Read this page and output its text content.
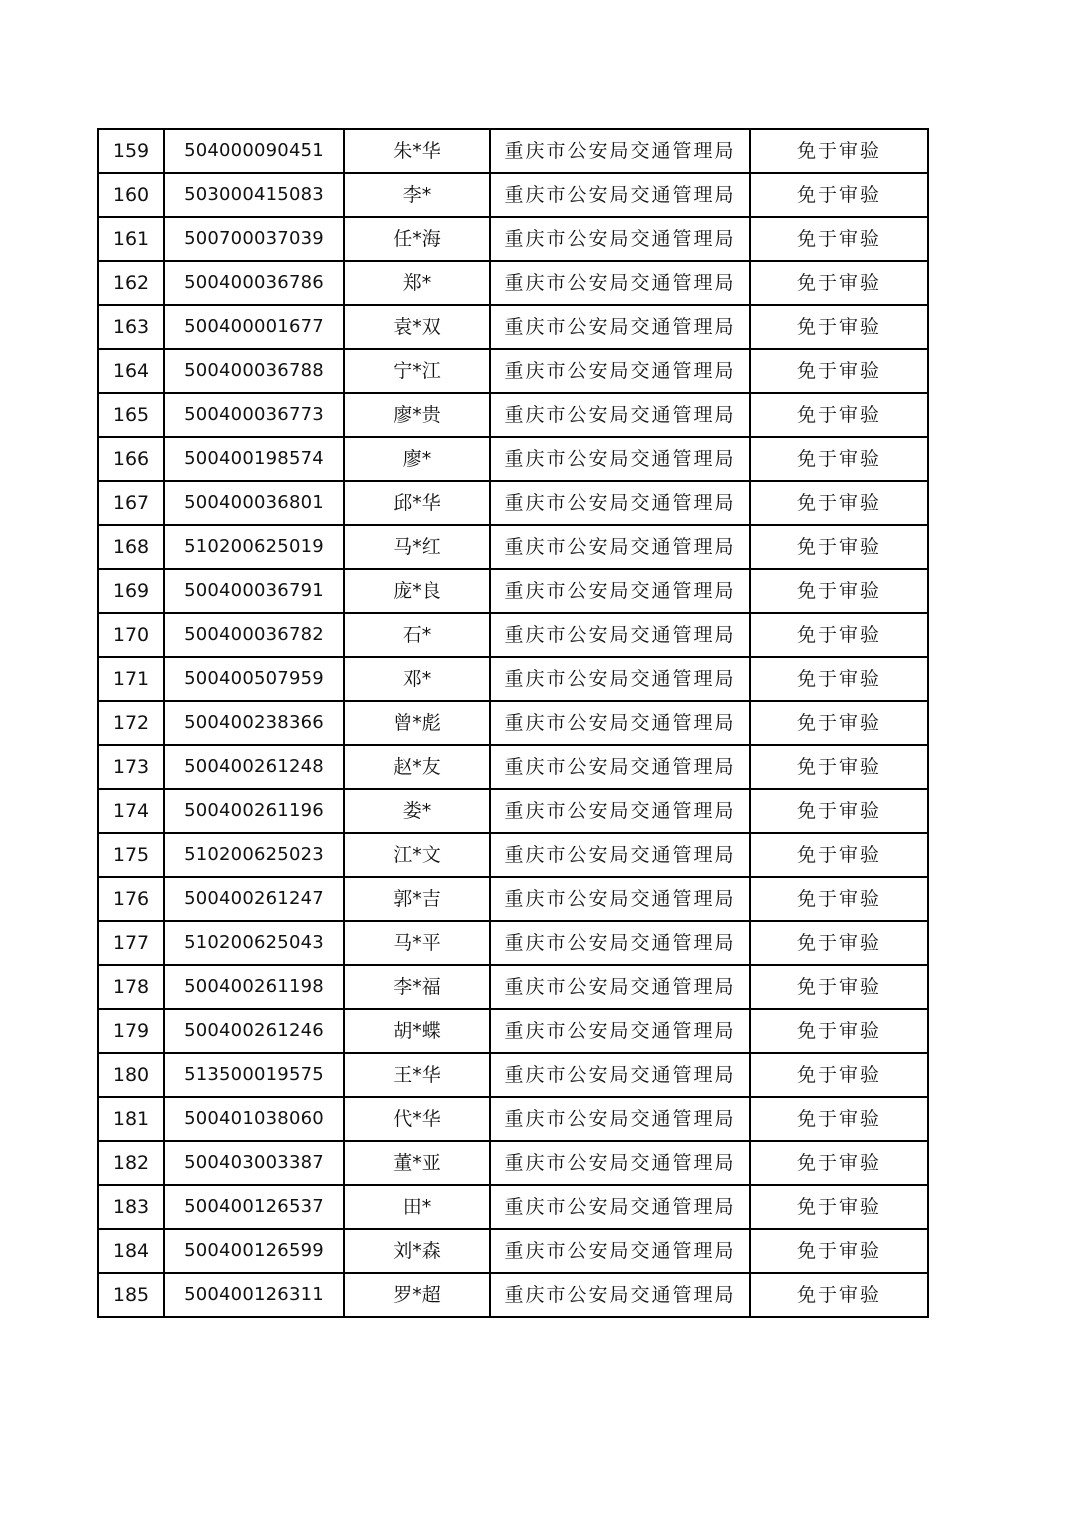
159	504000090451	朱*华	重庆市公安局交通管理局	免于审验
160	503000415083	李*	重庆市公安局交通管理局	免于审验
161	500700037039	任*海	重庆市公安局交通管理局	免于审验
162	500400036786	郑*	重庆市公安局交通管理局	免于审验
163	500400001677	袁*双	重庆市公安局交通管理局	免于审验
164	500400036788	宁*江	重庆市公安局交通管理局	免于审验
165	500400036773	廖*贵	重庆市公安局交通管理局	免于审验
166	500400198574	廖*	重庆市公安局交通管理局	免于审验
167	500400036801	邱*华	重庆市公安局交通管理局	免于审验
168	510200625019	马*红	重庆市公安局交通管理局	免于审验
169	500400036791	庞*良	重庆市公安局交通管理局	免于审验
170	500400036782	石*	重庆市公安局交通管理局	免于审验
171	500400507959	邓*	重庆市公安局交通管理局	免于审验
172	500400238366	曾*彪	重庆市公安局交通管理局	免于审验
173	500400261248	赵*友	重庆市公安局交通管理局	免于审验
174	500400261196	娄*	重庆市公安局交通管理局	免于审验
175	510200625023	江*文	重庆市公安局交通管理局	免于审验
176	500400261247	郭*吉	重庆市公安局交通管理局	免于审验
177	510200625043	马*平	重庆市公安局交通管理局	免于审验
178	500400261198	李*福	重庆市公安局交通管理局	免于审验
179	500400261246	胡*蝶	重庆市公安局交通管理局	免于审验
180	513500019575	王*华	重庆市公安局交通管理局	免于审验
181	500401038060	代*华	重庆市公安局交通管理局	免于审验
182	500403003387	董*亚	重庆市公安局交通管理局	免于审验
183	500400126537	田*	重庆市公安局交通管理局	免于审验
184	500400126599	刘*森	重庆市公安局交通管理局	免于审验
185	500400126311	罗*超	重庆市公安局交通管理局	免于审验
